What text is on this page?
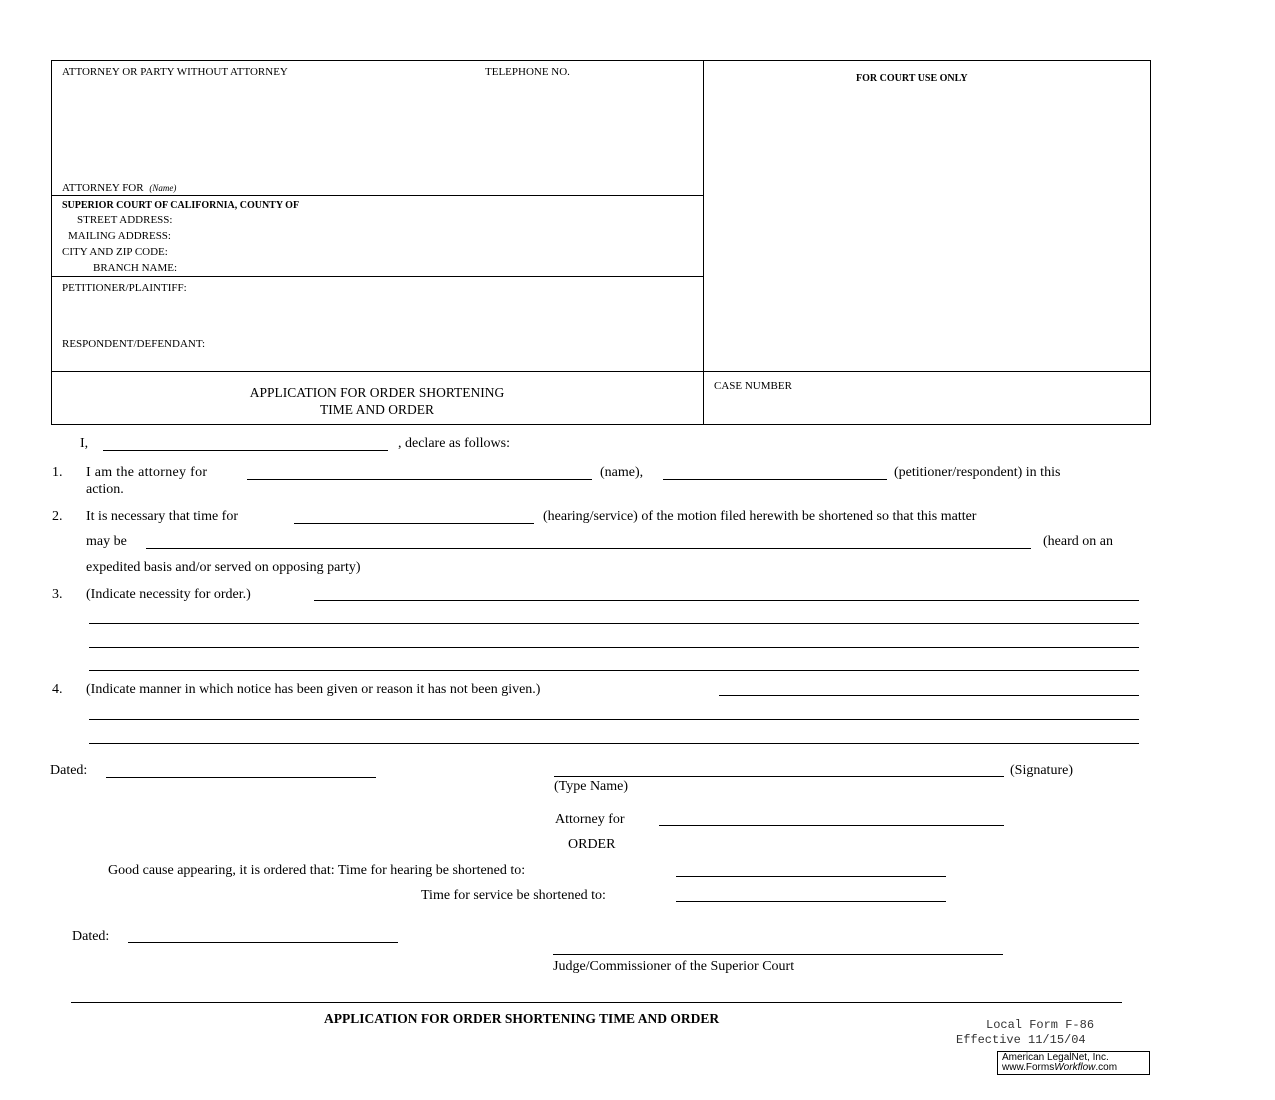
ATTORNEY OR PARTY WITHOUT ATTORNEY	TELEPHONE NO.
FOR COURT USE ONLY
ATTORNEY FOR (Name)
SUPERIOR COURT OF CALIFORNIA, COUNTY OF
STREET ADDRESS:
MAILING ADDRESS:
CITY AND ZIP CODE:
BRANCH NAME:
PETITIONER/PLAINTIFF:
RESPONDENT/DEFENDANT:
APPLICATION FOR ORDER SHORTENING
TIME AND ORDER
CASE NUMBER
I,	, declare as follows:
1. I am the attorney for	(name),	(petitioner/respondent) in this
action.
2. It is necessary that time for	(hearing/service) of the motion filed herewith be shortened so that this matter
may be	(heard on an
expedited basis and/or served on opposing party)
3. (Indicate necessity for order.)
4. (Indicate manner in which notice has been given or reason it has not been given.)
Dated:	(Signature)
(Type Name)
Attorney for
ORDER
Good cause appearing, it is ordered that: Time for hearing be shortened to:
Time for service be shortened to:
Dated:
Judge/Commissioner of the Superior Court
APPLICATION FOR ORDER SHORTENING TIME AND ORDER	Local Form F-86
Effective 11/15/04
American LegalNet, Inc.
www.FormsWorkflow.com
